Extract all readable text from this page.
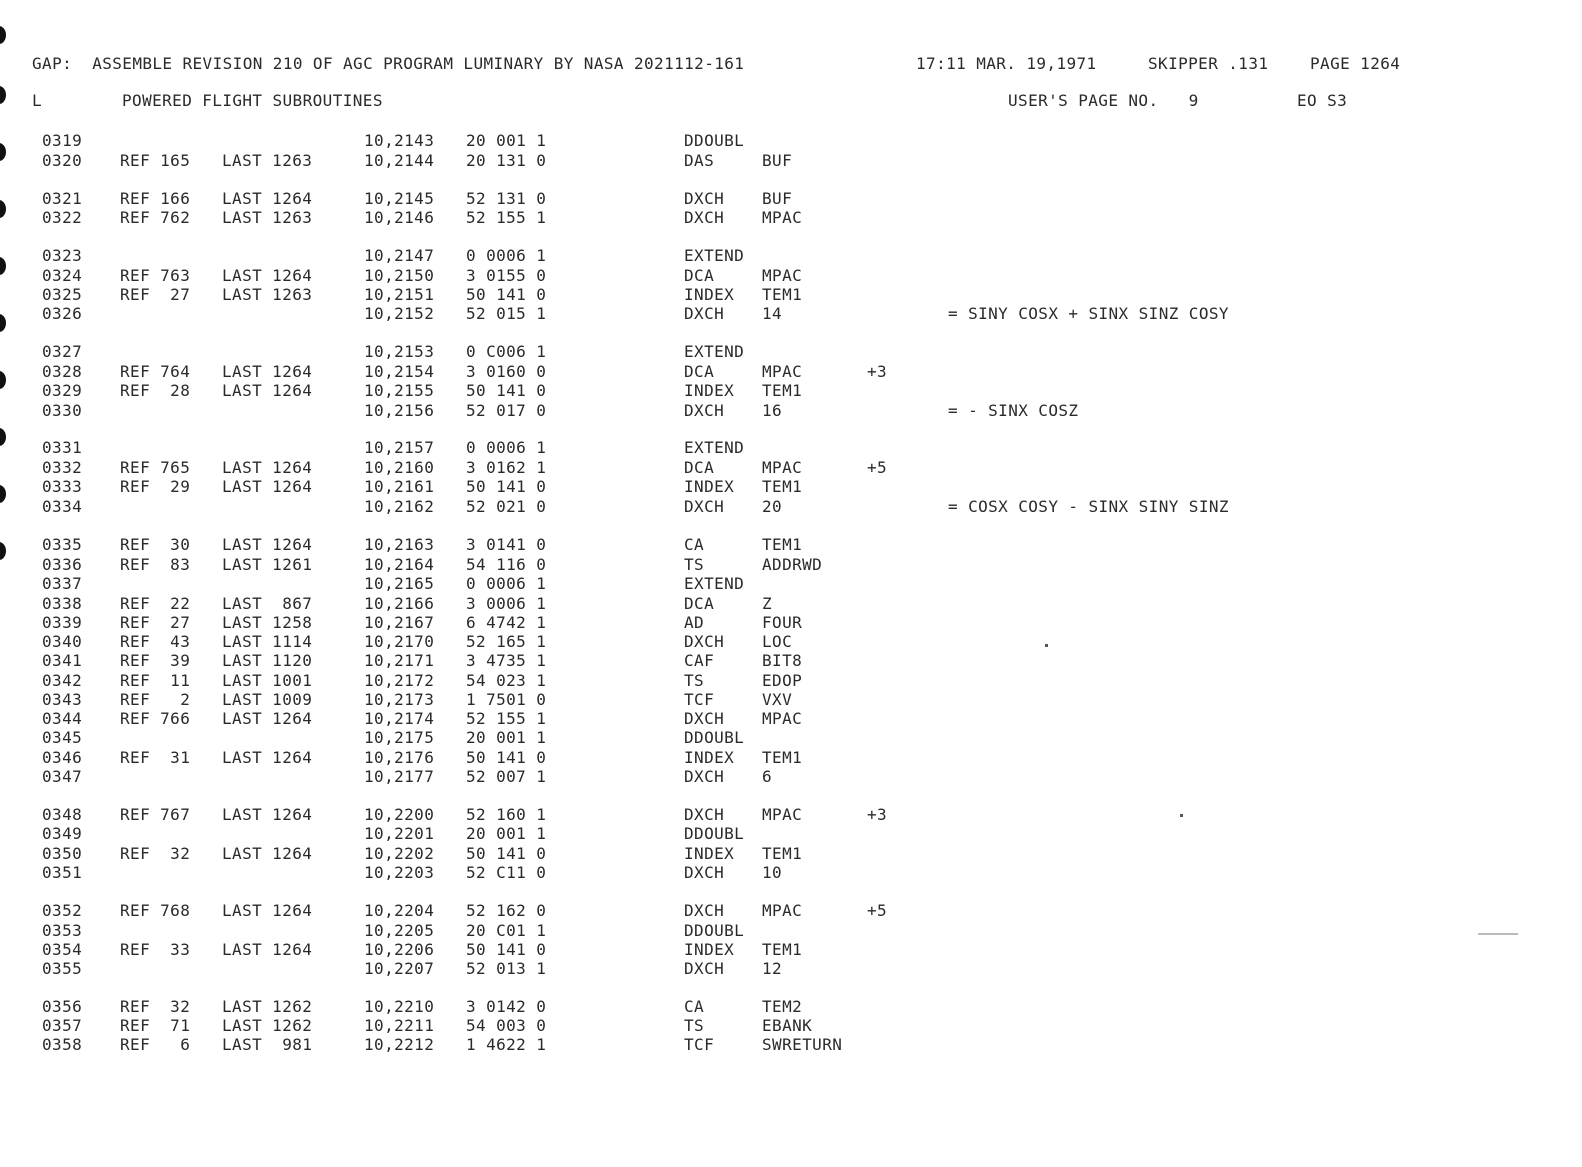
GAP:  ASSEMBLE REVISION 210 OF AGC PROGRAM LUMINARY BY NASA 2021112-161

	17:11 MAR. 19,1971

	SKIPPER .131

	PAGE 1264

L

	POWERED FLIGHT SUBROUTINES

	USER'S PAGE NO.   9

	EO S3

0319	10,2143 20 001 1	DDOUBL
0320 REF 165	LAST 1263	10,2144 20 131 0	DAS	BUF
0321 REF 166	LAST 1264	10,2145 52 131 0	DXCH BUF
0322 REF 762	LAST 1263	10,2146 52 155 1	DXCH MPAC
0323	10,2147 0 0006 1	EXTEND
0324 REF 763	LAST 1264	10,2150 3 0155 0	DCA	MPAC
0325 REF  27	LAST 1263	10,2151 50 141 0	INDEX TEM1
0326	10,2152 52 015 1	DXCH 14	= SINY COSX + SINX SINZ COSY
0327	10,2153 0 C006 1	EXTEND
0328 REF 764	LAST 1264	10,2154 3 0160 0	DCA	MPAC	+3
0329 REF  28	LAST 1264	10,2155 50 141 0	INDEX TEM1
0330	10,2156 52 017 0	DXCH 16	= - SINX COSZ
0331	10,2157 0 0006 1	EXTEND
0332 REF 765	LAST 1264	10,2160 3 0162 1	DCA	MPAC	+5
0333 REF  29	LAST 1264	10,2161 50 141 0	INDEX TEM1
0334	10,2162 52 021 0	DXCH 20	= COSX COSY - SINX SINY SINZ
0335 REF  30	LAST 1264	10,2163 3 0141 0	CA	TEM1
0336 REF  83	LAST 1261	10,2164 54 116 0	TS	ADDRWD
0337	10,2165 0 0006 1	EXTEND
0338 REF  22	LAST  867	10,2166 3 0006 1	DCA	Z
0339 REF  27	LAST 1258	10,2167 6 4742 1	AD	FOUR
0340 REF  43	LAST 1114	10,2170 52 165 1	DXCH LOC
0341 REF  39	LAST 1120	10,2171 3 4735 1	CAF	BIT8
0342 REF  11	LAST 1001	10,2172 54 023 1	TS	EDOP
0343 REF   2	LAST 1009	10,2173 1 7501 0	TCF	VXV
0344 REF 766	LAST 1264	10,2174 52 155 1	DXCH MPAC
0345	10,2175 20 001 1	DDOUBL
0346 REF  31	LAST 1264	10,2176 50 141 0	INDEX TEM1
0347	10,2177 52 007 1	DXCH 6
0348 REF 767	LAST 1264	10,2200 52 160 1	DXCH MPAC	+3
0349	10,2201 20 001 1	DDOUBL
0350 REF  32	LAST 1264	10,2202 50 141 0	INDEX TEM1
0351	10,2203 52 C11 0	DXCH 10
0352 REF 768	LAST 1264	10,2204 52 162 0	DXCH MPAC	+5
0353	10,2205 20 C01 1	DDOUBL
0354 REF  33	LAST 1264	10,2206 50 141 0	INDEX TEM1
0355	10,2207 52 013 1	DXCH 12
0356 REF  32	LAST 1262	10,2210 3 0142 0	CA	TEM2
0357 REF  71	LAST 1262	10,2211 54 003 0	TS	EBANK
0358 REF   6	LAST  981	10,2212 1 4622 1	TCF	SWRETURN
